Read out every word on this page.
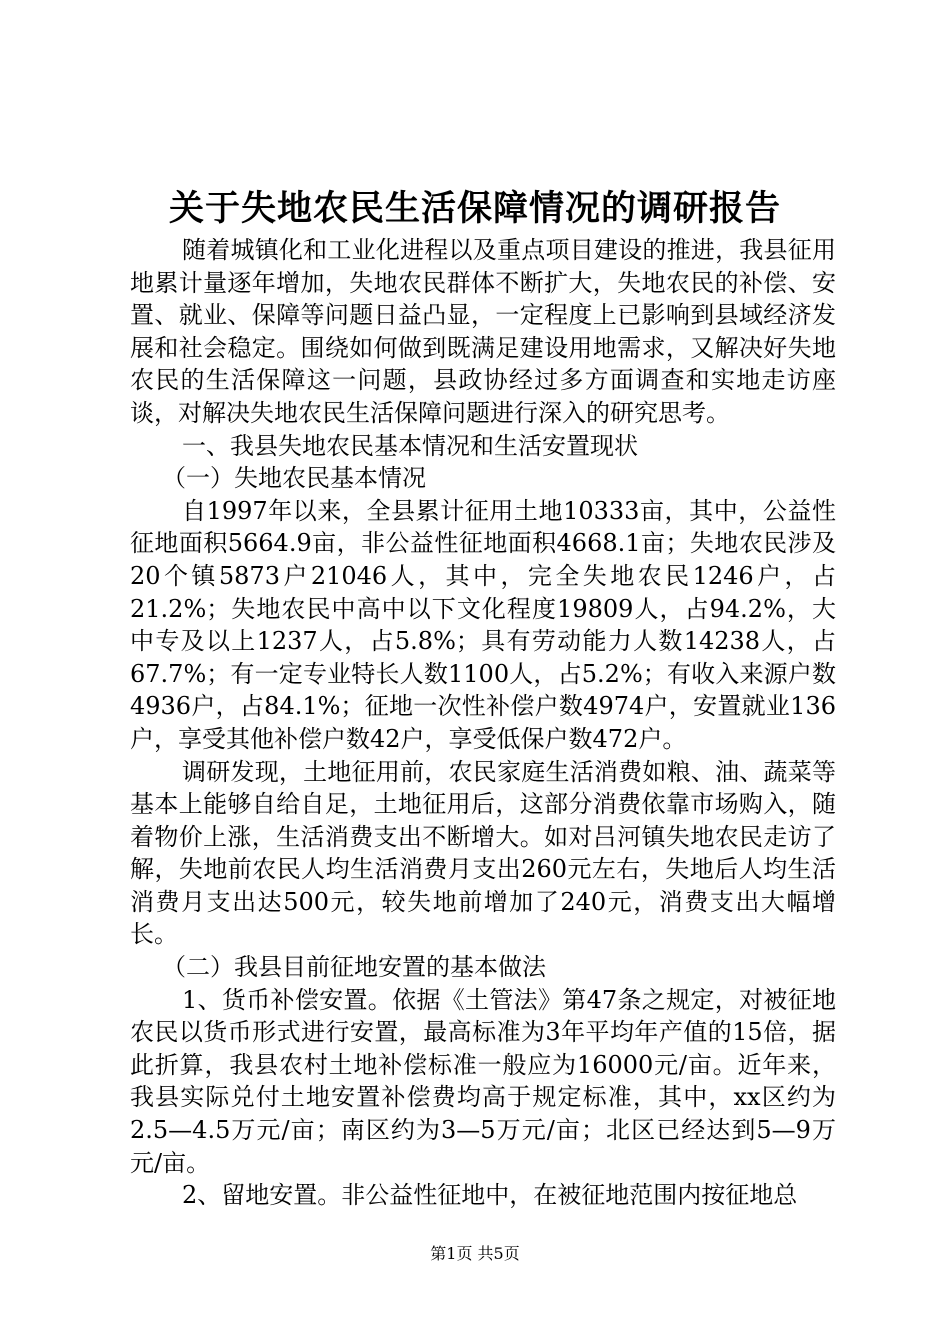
关于失地农民生活保障情况的调研报告

随着城镇化和工业化进程以及重点项目建设的推进，我县征用地累计量逐年增加，失地农民群体不断扩大，失地农民的补偿、安置、就业、保障等问题日益凸显，一定程度上已影响到县域经济发展和社会稳定。围绕如何做到既满足建设用地需求，又解决好失地农民的生活保障这一问题，县政协经过多方面调查和实地走访座谈，对解决失地农民生活保障问题进行深入的研究思考。

一、我县失地农民基本情况和生活安置现状

（一）失地农民基本情况

自1997年以来，全县累计征用土地10333亩，其中，公益性征地面积5664.9亩，非公益性征地面积4668.1亩；失地农民涉及20个镇5873户21046人，其中，完全失地农民1246户，占21.2%；失地农民中高中以下文化程度19809人，占94.2%，大中专及以上1237人，占5.8%；具有劳动能力人数14238人，占67.7%；有一定专业特长人数1100人，占5.2%；有收入来源户数4936户，占84.1%；征地一次性补偿户数4974户，安置就业136户，享受其他补偿户数42户，享受低保户数472户。

调研发现，土地征用前，农民家庭生活消费如粮、油、蔬菜等基本上能够自给自足，土地征用后，这部分消费依靠市场购入，随着物价上涨，生活消费支出不断增大。如对吕河镇失地农民走访了解，失地前农民人均生活消费月支出260元左右，失地后人均生活消费月支出达500元，较失地前增加了240元，消费支出大幅增长。

（二）我县目前征地安置的基本做法

1、货币补偿安置。依据《土管法》第47条之规定，对被征地农民以货币形式进行安置，最高标准为3年平均年产值的15倍，据此折算，我县农村土地补偿标准一般应为16000元/亩。近年来，我县实际兑付土地安置补偿费均高于规定标准，其中，xx区约为2.5—4.5万元/亩；南区约为3—5万元/亩；北区已经达到5—9万元/亩。

2、留地安置。非公益性征地中，在被征地范围内按征地总

第1页 共5页
